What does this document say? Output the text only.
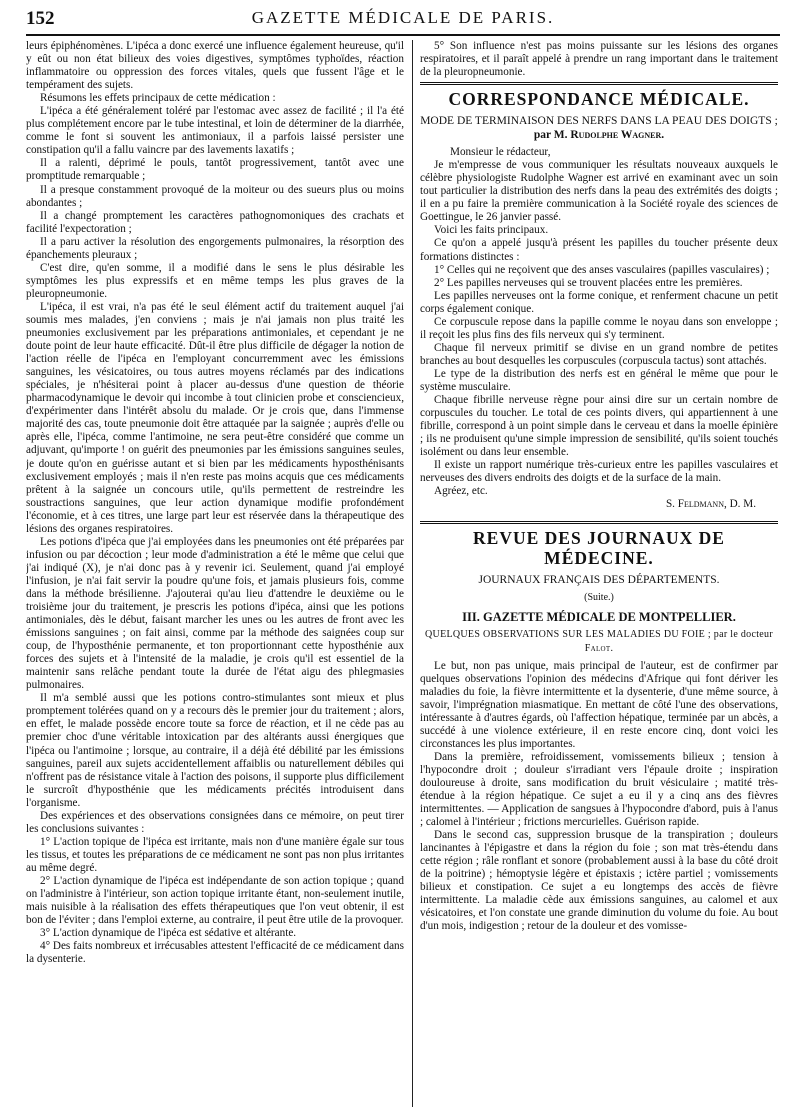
152	GAZETTE MÉDICALE DE PARIS.

leurs épiphénomènes. L'ipéca a donc exercé une influence également heureuse, qu'il y eût ou non état bilieux des voies digestives, symptômes typhoïdes, réaction inflammatoire ou oppression des forces vitales, quels que fussent l'âge et le tempérament des sujets.

Résumons les effets principaux de cette médication :

L'ipéca a été généralement toléré par l'estomac avec assez de facilité ; il l'a été plus complétement encore par le tube intestinal, et loin de déterminer de la diarrhée, comme le font si souvent les antimoniaux, il a parfois laissé persister une constipation qu'il a fallu vaincre par des lavements laxatifs ;

Il a ralenti, déprimé le pouls, tantôt progressivement, tantôt avec une promptitude remarquable ;

Il a presque constamment provoqué de la moiteur ou des sueurs plus ou moins abondantes ;

Il a changé promptement les caractères pathognomoniques des crachats et facilité l'expectoration ;

Il a paru activer la résolution des engorgements pulmonaires, la résorption des épanchements pleuraux ;

C'est dire, qu'en somme, il a modifié dans le sens le plus désirable les symptômes les plus expressifs et en même temps les plus graves de la pleuropneumonie.

L'ipéca, il est vrai, n'a pas été le seul élément actif du traitement auquel j'ai soumis mes malades, j'en conviens ; mais je n'ai jamais non plus traité les pneumonies exclusivement par les préparations antimoniales, et cependant je ne doute point de leur haute efficacité. Dût-il être plus difficile de dégager la notion de l'action réelle de l'ipéca en l'employant concurremment avec les émissions sanguines, les vésicatoires, ou tous autres moyens réclamés par des indications spéciales, je n'hésiterai point à placer au-dessus d'une question de théorie pharmacodynamique le devoir qui incombe à tout clinicien probe et consciencieux, d'expérimenter dans l'intérêt absolu du malade. Or je crois que, dans l'immense majorité des cas, toute pneumonie doit être attaquée par la saignée ; auprès d'elle ou après elle, l'ipéca, comme l'antimoine, ne sera peut-être considéré que comme un adjuvant, qu'importe ! on guérit des pneumonies par les émissions sanguines seules, je doute qu'on en guérisse autant et si bien par les médicaments hyposthénisants exclusivement employés ; mais il n'en reste pas moins acquis que ces médicaments prêtent à la saignée un concours utile, qu'ils permettent de restreindre les soustractions sanguines, que leur action dynamique modifie profondément l'économie, et à ces titres, une large part leur est réservée dans la thérapeutique des lésions des organes respiratoires.

Les potions d'ipéca que j'ai employées dans les pneumonies ont été préparées par infusion ou par décoction ; leur mode d'administration a été le même que celui que j'ai indiqué (X), je n'ai donc pas à y revenir ici. Seulement, quand j'ai employé l'infusion, je n'ai fait servir la poudre qu'une fois, et jamais plusieurs fois, comme dans la méthode brésilienne. J'ajouterai qu'au lieu d'attendre le deuxième ou le troisième jour du traitement, je prescris les potions d'ipéca, ainsi que les potions antimoniales, dès le début, faisant marcher les unes ou les autres de front avec les émissions sanguines ; on fait ainsi, comme par la méthode des saignées coup sur coup, de l'hyposthénie permanente, et ton proportionnant cette hyposthénie aux forces des sujets et à l'intensité de la maladie, je crois qu'il est essentiel de la maintenir sans relâche pendant toute la durée de l'état aigu des phlegmasies pulmonaires.

Il m'a semblé aussi que les potions contro-stimulantes sont mieux et plus promptement tolérées quand on y a recours dès le premier jour du traitement ; alors, en effet, le malade possède encore toute sa force de réaction, et il ne cède pas au premier choc d'une véritable intoxication par des altérants aussi énergiques que l'ipéca ou l'antimoine ; lorsque, au contraire, il a déjà été débilité par les émissions sanguines, pareil aux sujets accidentellement affaiblis ou naturellement débiles qui n'offrent pas de résistance vitale à l'action des poisons, il supporte plus difficilement le surcroît d'hyposthénie que les médicaments précités introduisent dans l'organisme.

Des expériences et des observations consignées dans ce mémoire, on peut tirer les conclusions suivantes :

1° L'action topique de l'ipéca est irritante, mais non d'une manière égale sur tous les tissus, et toutes les préparations de ce médicament ne sont pas non plus irritantes au même degré.

2° L'action dynamique de l'ipéca est indépendante de son action topique ; quand on l'administre à l'intérieur, son action topique irritante étant, non-seulement inutile, mais nuisible à la réalisation des effets thérapeutiques que l'on veut obtenir, il est bon de l'éviter ; dans l'emploi externe, au contraire, il peut être utile de la provoquer.

3° L'action dynamique de l'ipéca est sédative et altérante.

4° Des faits nombreux et irrécusables attestent l'efficacité de ce médicament dans la dysenterie.

5° Son influence n'est pas moins puissante sur les lésions des organes respiratoires, et il paraît appelé à prendre un rang important dans le traitement de la pleuropneumonie.

CORRESPONDANCE MÉDICALE.
MODE DE TERMINAISON DES NERFS DANS LA PEAU DES DOIGTS ; par M. Rudolphe Wagner.

Monsieur le rédacteur,

Je m'empresse de vous communiquer les résultats nouveaux auxquels le célèbre physiologiste Rudolphe Wagner est arrivé en examinant avec un soin tout particulier la distribution des nerfs dans la peau des extrémités des doigts ; il en a pu faire la première communication à la Société royale des sciences de Goettingue, le 26 janvier passé.

Voici les faits principaux.

Ce qu'on a appelé jusqu'à présent les papilles du toucher présente deux formations distinctes :

1° Celles qui ne reçoivent que des anses vasculaires (papilles vasculaires) ;

2° Les papilles nerveuses qui se trouvent placées entre les premières.

Les papilles nerveuses ont la forme conique, et renferment chacune un petit corps également conique.

Ce corpuscule repose dans la papille comme le noyau dans son enveloppe ; il reçoit les plus fins des fils nerveux qui s'y terminent.

Chaque fil nerveux primitif se divise en un grand nombre de petites branches au bout desquelles les corpuscules (corpuscula tactus) sont attachés.

Le type de la distribution des nerfs est en général le même que pour le système musculaire.

Chaque fibrille nerveuse règne pour ainsi dire sur un certain nombre de corpuscules du toucher. Le total de ces points divers, qui appartiennent à une fibrille, correspond à un point simple dans le cerveau et dans la moelle épinière ; ils ne produisent qu'une simple impression de sensibilité, qu'ils soient touchés isolément ou dans leur ensemble.

Il existe un rapport numérique très-curieux entre les papilles vasculaires et nerveuses des divers endroits des doigts et de la surface de la main.

Agréez, etc.

S. Feldmann, D. M.
REVUE DES JOURNAUX DE MÉDECINE.
JOURNAUX FRANÇAIS DES DÉPARTEMENTS.
(Suite.)
III. GAZETTE MÉDICALE DE MONTPELLIER.
QUELQUES OBSERVATIONS SUR LES MALADIES DU FOIE ; par le docteur Falot.

Le but, non pas unique, mais principal de l'auteur, est de confirmer par quelques observations l'opinion des médecins d'Afrique qui font dériver les maladies du foie, la fièvre intermittente et la dysenterie, d'une même source, à savoir, l'imprégnation miasmatique. En mettant de côté l'une des observations, intéressante à d'autres égards, où l'affection hépatique, terminée par un abcès, a succédé à une violence extérieure, il en reste encore cinq, dont voici les circonstances les plus importantes.

Dans la première, refroidissement, vomissements bilieux ; tension à l'hypocondre droit ; douleur s'irradiant vers l'épaule droite ; inspiration douloureuse à droite, sans modification du bruit vésiculaire ; matité très-étendue à la région hépatique. Ce sujet a eu il y a cinq ans des fièvres intermittentes. — Application de sangsues à l'hypocondre d'abord, puis à l'anus ; calomel à l'intérieur ; frictions mercurielles. Guérison rapide.

Dans le second cas, suppression brusque de la transpiration ; douleurs lancinantes à l'épigastre et dans la région du foie ; son mat très-étendu dans cette région ; râle ronflant et sonore (probablement aussi à la base du côté droit de la poitrine) ; hémoptysie légère et épistaxis ; ictère partiel ; vomissements bilieux et constipation. Ce sujet a eu longtemps des accès de fièvre intermittente. La maladie cède aux émissions sanguines, au calomel et aux vésicatoires, et l'on constate une grande diminution du volume du foie. Au bout d'un mois, indigestion ; retour de la douleur et des vomisse-
